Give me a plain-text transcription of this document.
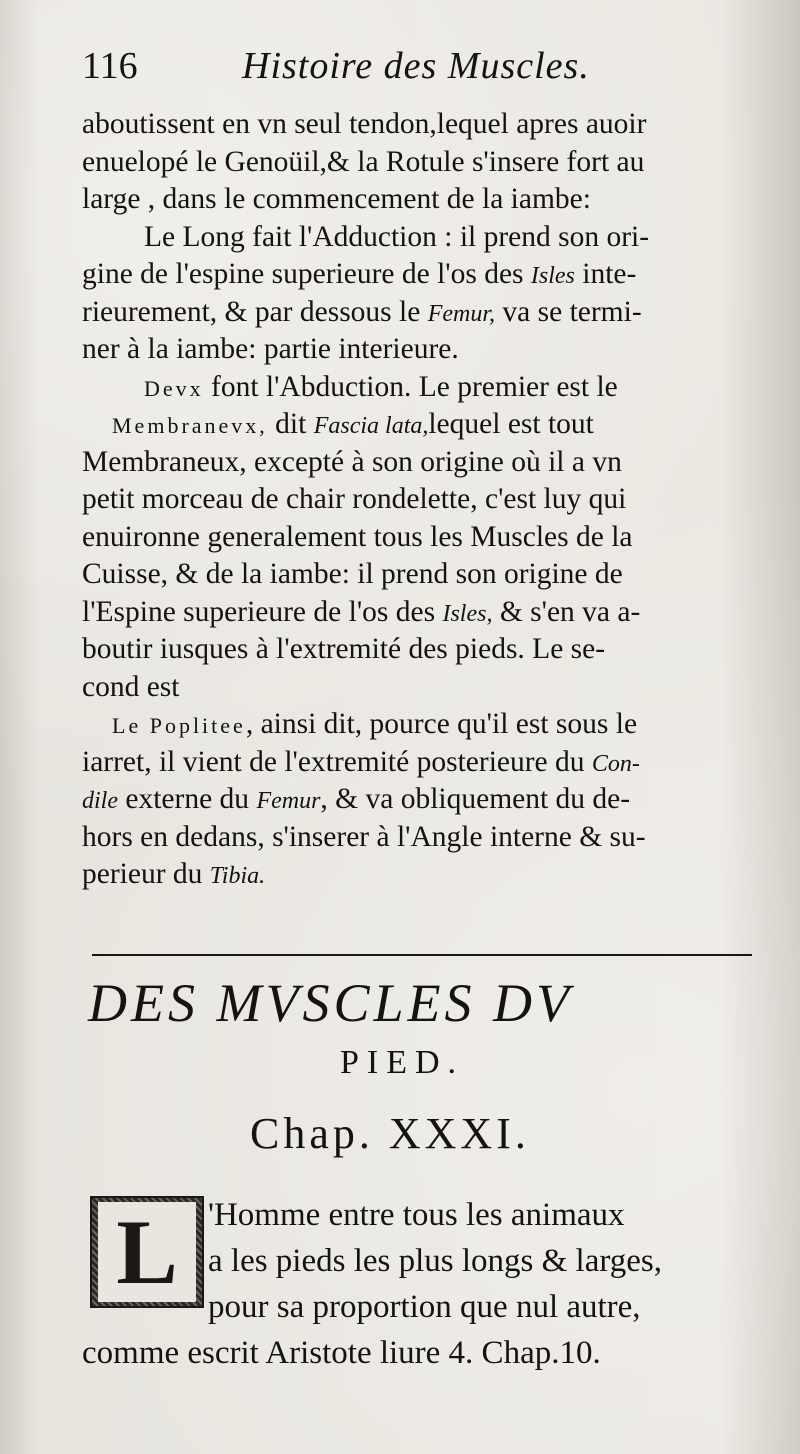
116	Histoire des Muscles.
aboutissent en vn seul tendon,lequel apres auoir
enuelopé le Genoüil,& la Rotule s'insere fort au
large , dans le commencement de la iambe:
Le Long fait l'Adduction : il prend son ori-
gine de l'espine superieure de l'os des Isles inte-
rieurement, & par dessous le Femur, va se termi-
ner à la iambe: partie interieure.
Devx font l'Abduction. Le premier est le
Membranevx, dit Fascia lata,lequel est tout
Membraneux, excepté à son origine où il a vn
petit morceau de chair rondelette, c'est luy qui
enuironne generalement tous les Muscles de la
Cuisse, & de la iambe: il prend son origine de
l'Espine superieure de l'os des Isles, & s'en va a-
boutir iusques à l'extremité des pieds. Le se-
cond est
Le Poplitee, ainsi dit, pource qu'il est sous le
iarret, il vient de l'extremité posterieure du Con-
dile externe du Femur, & va obliquement du de-
hors en dedans, s'inserer à l'Angle interne & su-
perieur du Tibia.
DES MVSCLES DV
PIED.
Chap. XXXI.
L 'Homme entre tous les animaux
a les pieds les plus longs & larges,
pour sa proportion que nul autre,
comme escrit Aristote liure 4. Chap.10.
